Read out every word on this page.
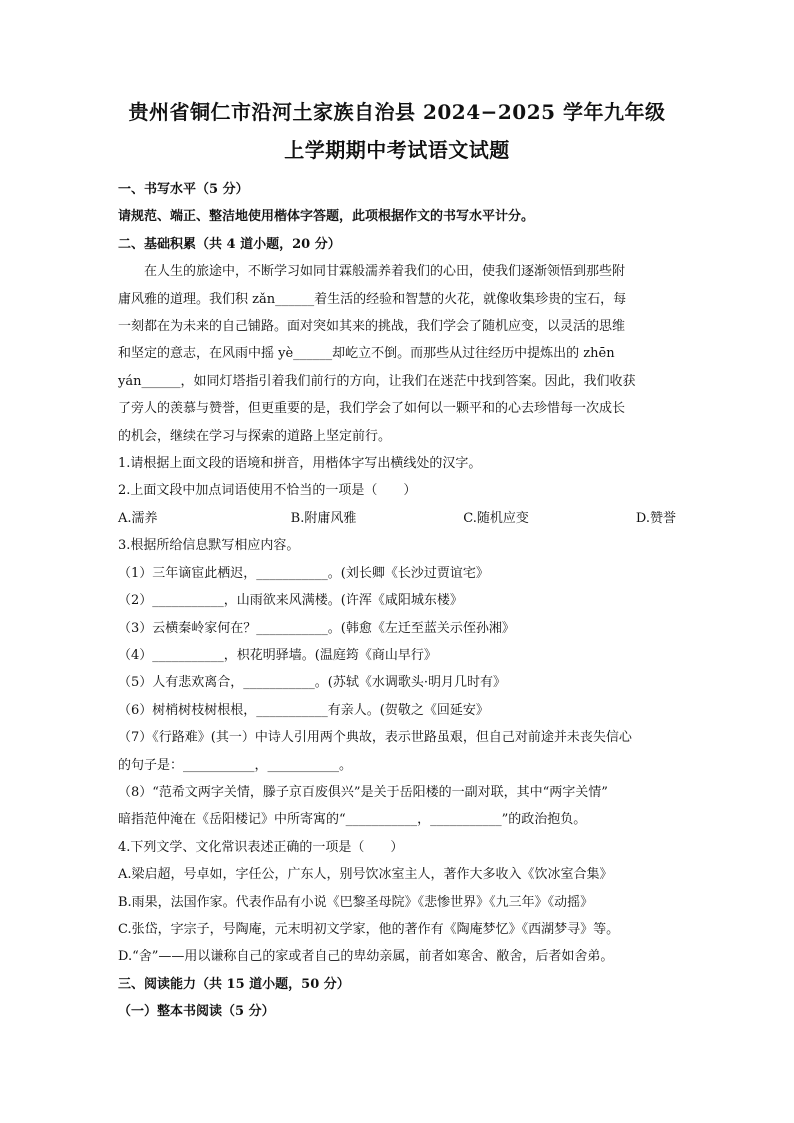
贵州省铜仁市沿河土家族自治县 2024−2025 学年九年级
上学期期中考试语文试题
一、书写水平（5 分）
请规范、端正、整洁地使用楷体字答题，此项根据作文的书写水平计分。
二、基础积累（共 4 道小题，20 分）
在人生的旅途中，不断学习如同甘霖般濡养着我们的心田，使我们逐渐领悟到那些附
庸风雅的道理。我们积 zǎn______着生活的经验和智慧的火花，就像收集珍贵的宝石，每
一刻都在为未来的自己铺路。面对突如其来的挑战，我们学会了随机应变，以灵活的思维
和坚定的意志，在风雨中摇 yè______却屹立不倒。而那些从过往经历中提炼出的 zhēn
yán______，如同灯塔指引着我们前行的方向，让我们在迷茫中找到答案。因此，我们收获
了旁人的羡慕与赞誉，但更重要的是，我们学会了如何以一颗平和的心去珍惜每一次成长
的机会，继续在学习与探索的道路上坚定前行。
1.请根据上面文段的语境和拼音，用楷体字写出横线处的汉字。
2.上面文段中加点词语使用不恰当的一项是（　　）
A.濡养	B.附庸风雅	C.随机应变	D.赞誉
3.根据所给信息默写相应内容。
（1）三年谪宦此栖迟，___________。(刘长卿《长沙过贾谊宅》
（2）___________，山雨欲来风满楼。(许浑《咸阳城东楼》
（3）云横秦岭家何在？___________。(韩愈《左迁至蓝关示侄孙湘》
（4）___________，枳花明驿墙。(温庭筠《商山早行》
（5）人有悲欢离合，___________。(苏轼《水调歌头·明月几时有》
（6）树梢树枝树根根，___________有亲人。(贺敬之《回延安》
（7）《行路难》(其一）中诗人引用两个典故，表示世路虽艰，但自己对前途并未丧失信心
的句子是：___________，___________。
（8）“范希文两字关情，滕子京百废俱兴”是关于岳阳楼的一副对联，其中“两字关情”
暗指范仲淹在《岳阳楼记》中所寄寓的“___________，___________”的政治抱负。
4.下列文学、文化常识表述正确的一项是（　　）
A.梁启超，号卓如，字任公，广东人，别号饮冰室主人，著作大多收入《饮冰室合集》
B.雨果，法国作家。代表作品有小说《巴黎圣母院》《悲惨世界》《九三年》《动摇》
C.张岱，字宗子，号陶庵，元末明初文学家，他的著作有《陶庵梦忆》《西湖梦寻》等。
D.“舍”——用以谦称自己的家或者自己的卑幼亲属，前者如寒舍、敝舍，后者如舍弟。
三、阅读能力（共 15 道小题，50 分）
（一）整本书阅读（5 分）
